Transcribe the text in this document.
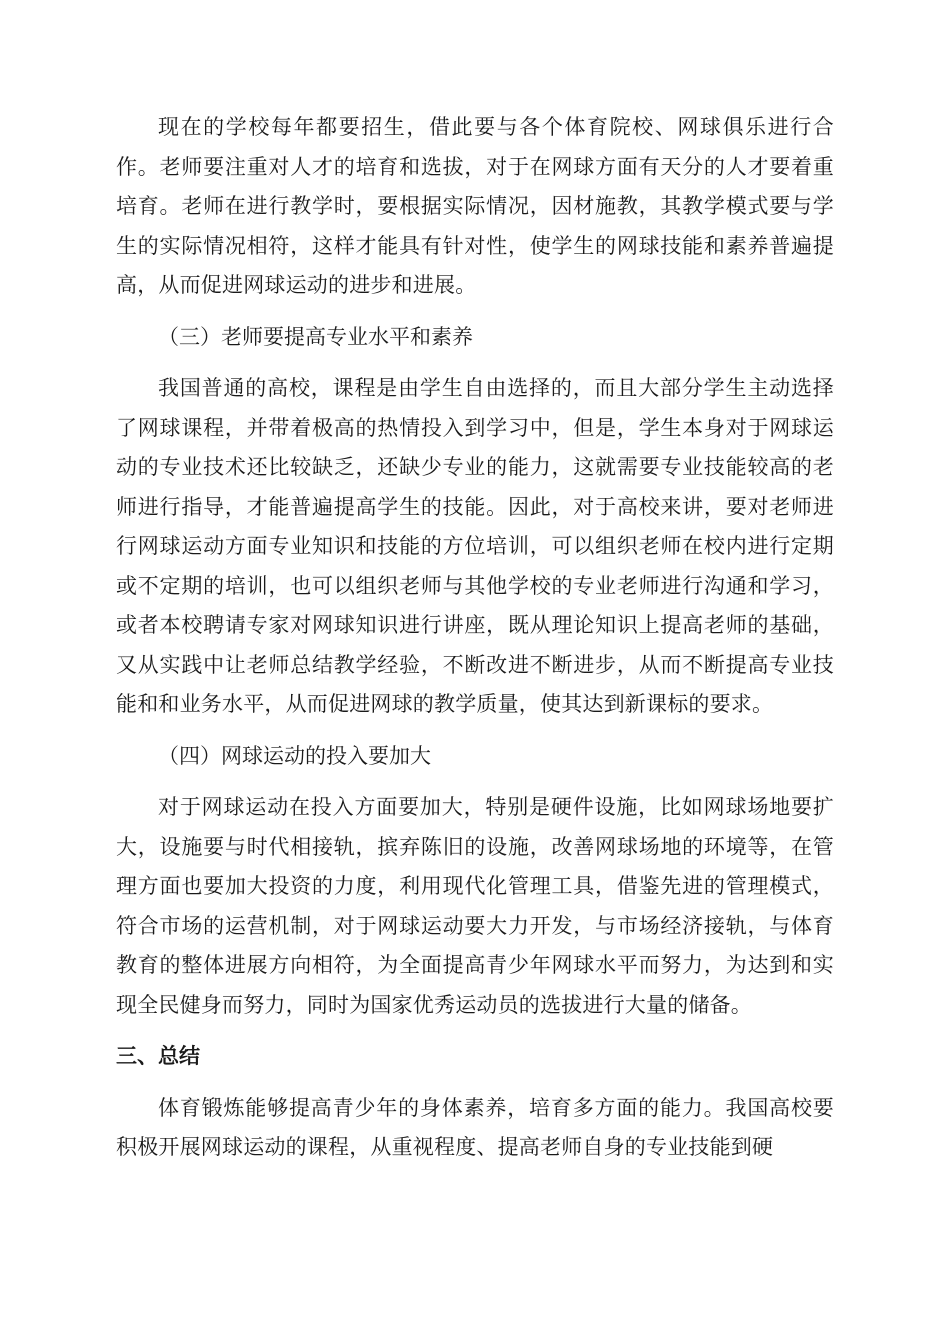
现在的学校每年都要招生，借此要与各个体育院校、网球俱乐进行合作。老师要注重对人才的培育和选拔，对于在网球方面有天分的人才要着重培育。老师在进行教学时，要根据实际情况，因材施教，其教学模式要与学生的实际情况相符，这样才能具有针对性，使学生的网球技能和素养普遍提高，从而促进网球运动的进步和进展。

（三）老师要提高专业水平和素养

我国普通的高校，课程是由学生自由选择的，而且大部分学生主动选择了网球课程，并带着极高的热情投入到学习中，但是，学生本身对于网球运动的专业技术还比较缺乏，还缺少专业的能力，这就需要专业技能较高的老师进行指导，才能普遍提高学生的技能。因此，对于高校来讲，要对老师进行网球运动方面专业知识和技能的方位培训，可以组织老师在校内进行定期或不定期的培训，也可以组织老师与其他学校的专业老师进行沟通和学习，或者本校聘请专家对网球知识进行讲座，既从理论知识上提高老师的基础，又从实践中让老师总结教学经验，不断改进不断进步，从而不断提高专业技能和和业务水平，从而促进网球的教学质量，使其达到新课标的要求。

（四）网球运动的投入要加大

对于网球运动在投入方面要加大，特别是硬件设施，比如网球场地要扩大，设施要与时代相接轨，摈弃陈旧的设施，改善网球场地的环境等，在管理方面也要加大投资的力度，利用现代化管理工具，借鉴先进的管理模式，符合市场的运营机制，对于网球运动要大力开发，与市场经济接轨，与体育教育的整体进展方向相符，为全面提高青少年网球水平而努力，为达到和实现全民健身而努力，同时为国家优秀运动员的选拔进行大量的储备。

三、总结

体育锻炼能够提高青少年的身体素养，培育多方面的能力。我国高校要积极开展网球运动的课程，从重视程度、提高老师自身的专业技能到硬
